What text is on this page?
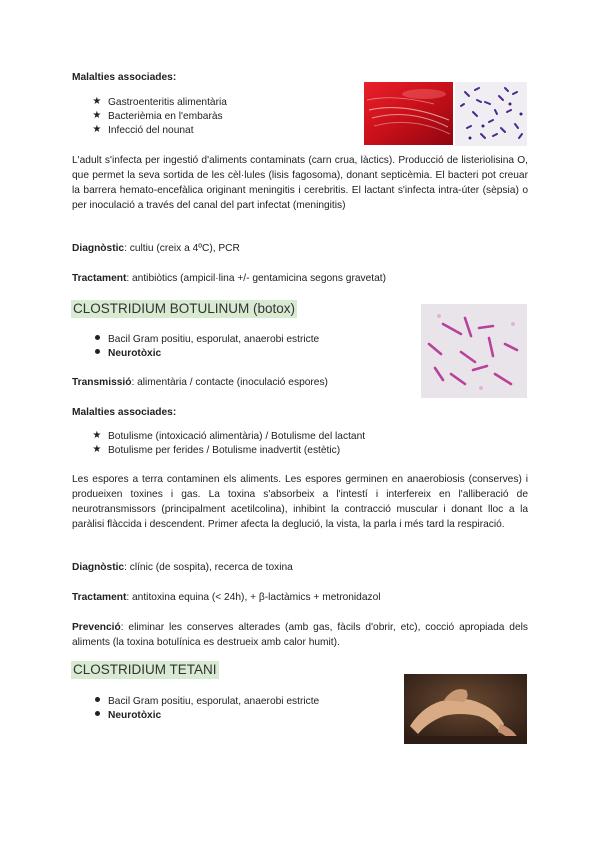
Malalties associades:
★ Gastroenteritis alimentària
★ Bacterièmia en l'embaràs
★ Infecció del nounat
L'adult s'infecta per ingestió d'aliments contaminats (carn crua, làctics). Producció de listeriolisina O, que permet la seva sortida de les cèl·lules (lisis fagosoma), donant septicèmia. El bacteri pot creuar la barrera hemato-encefàlica originant meningitis i cerebritis. El lactant s'infecta intra-úter (sèpsia) o per inoculació a través del canal del part infectat (meningitis)
Diagnòstic: cultiu (creix a 4ºC), PCR
Tractament: antibiòtics (ampicil·lina +/- gentamicina segons gravetat)
CLOSTRIDIUM BOTULINUM (botox)
Bacil Gram positiu, esporulat, anaerobi estricte
Neurotòxic
Transmissió: alimentària / contacte (inoculació espores)
Malalties associades:
★ Botulisme (intoxicació alimentària) / Botulisme del lactant
★ Botulisme per ferides / Botulisme inadvertit (estètic)
Les espores a terra contaminen els aliments. Les espores germinen en anaerobiosis (conserves) i produeixen toxines i gas. La toxina s'absorbeix a l'intestí i interfereix en l'alliberació de neurotransmissors (principalment acetilcolina), inhibint la contracció muscular i donant lloc a la paràlisi flàccida i descendent. Primer afecta la deglució, la vista, la parla i més tard la respiració.
Diagnòstic: clínic (de sospita), recerca de toxina
Tractament: antitoxina equina (< 24h), + β-lactàmics + metronidazol
Prevenció: eliminar les conserves alterades (amb gas, fàcils d'obrir, etc), cocció apropiada dels aliments (la toxina botulínica es destrueix amb calor humit).
CLOSTRIDIUM TETANI
Bacil Gram positiu, esporulat, anaerobi estricte
Neurotòxic
